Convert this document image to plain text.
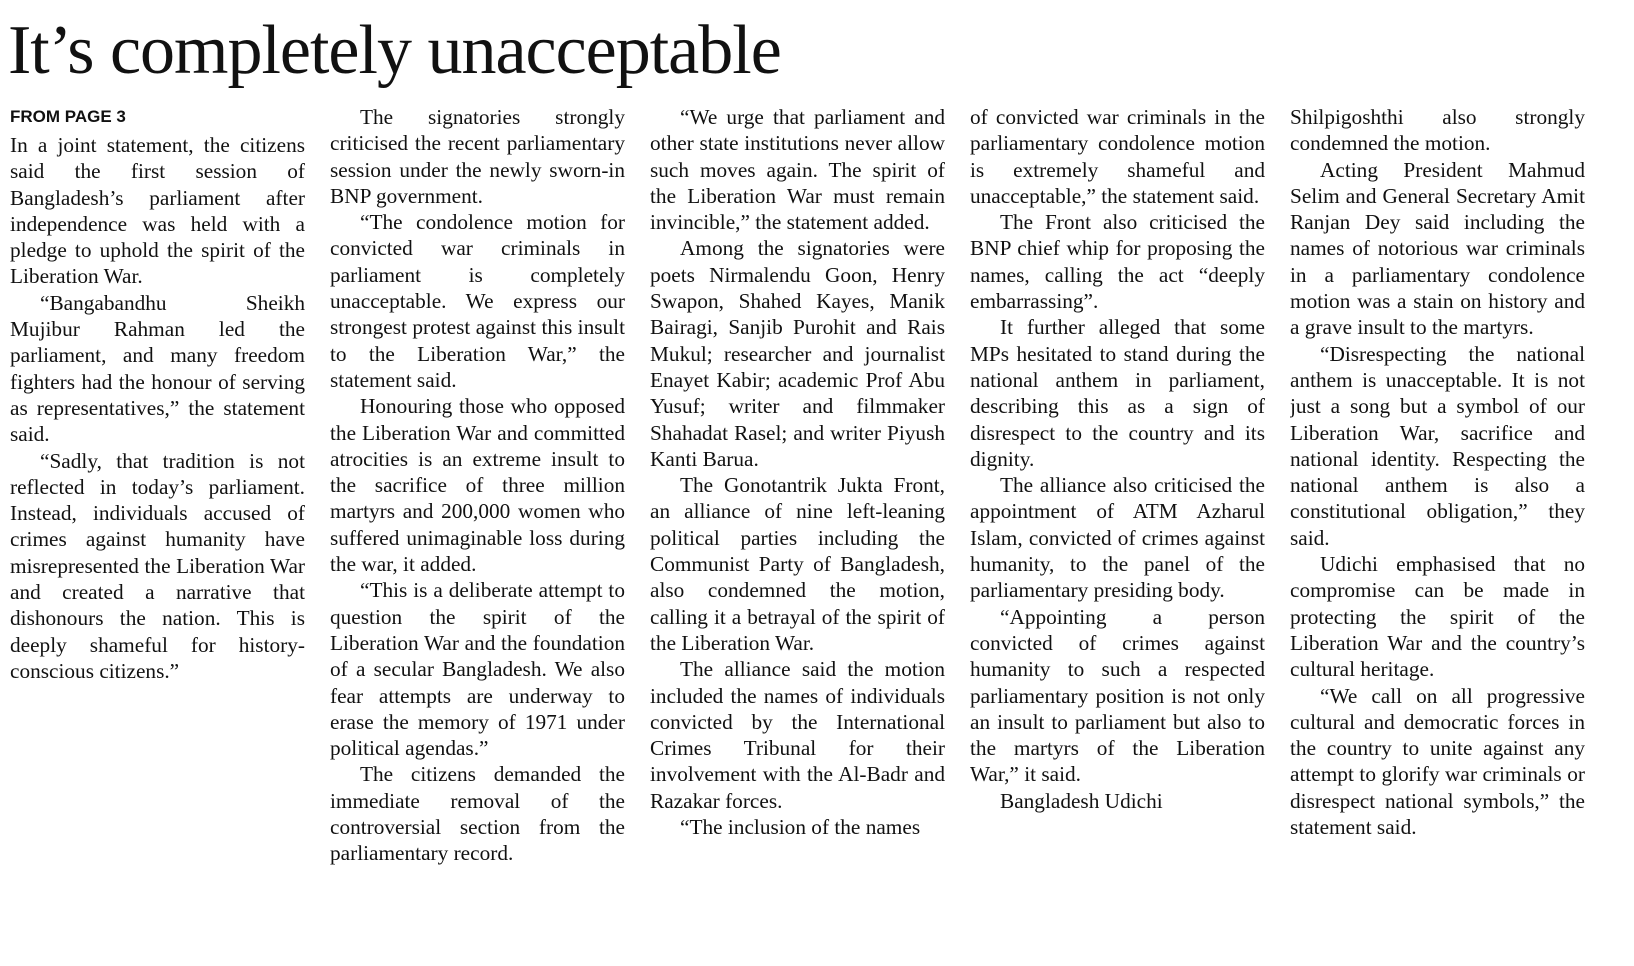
It’s completely unacceptable
FROM PAGE 3

In a joint statement, the citizens said the first session of Bangladesh’s parliament after independence was held with a pledge to uphold the spirit of the Liberation War.

“Bangabandhu Sheikh Mujibur Rahman led the parliament, and many freedom fighters had the honour of serving as representatives,” the statement said.

“Sadly, that tradition is not reflected in today’s parliament. Instead, individuals accused of crimes against humanity have misrepresented the Liberation War and created a narrative that dishonours the nation. This is deeply shameful for history-conscious citizens.”

The signatories strongly criticised the recent parliamentary session under the newly sworn-in BNP government.

“The condolence motion for convicted war criminals in parliament is completely unacceptable. We express our strongest protest against this insult to the Liberation War,” the statement said.

Honouring those who opposed the Liberation War and committed atrocities is an extreme insult to the sacrifice of three million martyrs and 200,000 women who suffered unimaginable loss during the war, it added.

“This is a deliberate attempt to question the spirit of the Liberation War and the foundation of a secular Bangladesh. We also fear attempts are underway to erase the memory of 1971 under political agendas.”

The citizens demanded the immediate removal of the controversial section from the parliamentary record.

“We urge that parliament and other state institutions never allow such moves again. The spirit of the Liberation War must remain invincible,” the statement added.

Among the signatories were poets Nirmalendu Goon, Henry Swapon, Shahed Kayes, Manik Bairagi, Sanjib Purohit and Rais Mukul; researcher and journalist Enayet Kabir; academic Prof Abu Yusuf; writer and filmmaker Shahadat Rasel; and writer Piyush Kanti Barua.

The Gonotantrik Jukta Front, an alliance of nine left-leaning political parties including the Communist Party of Bangladesh, also condemned the motion, calling it a betrayal of the spirit of the Liberation War.

The alliance said the motion included the names of individuals convicted by the International Crimes Tribunal for their involvement with the Al-Badr and Razakar forces.

“The inclusion of the names

of convicted war criminals in the parliamentary condolence motion is extremely shameful and unacceptable,” the statement said.

The Front also criticised the BNP chief whip for proposing the names, calling the act “deeply embarrassing”.

It further alleged that some MPs hesitated to stand during the national anthem in parliament, describing this as a sign of disrespect to the country and its dignity.

The alliance also criticised the appointment of ATM Azharul Islam, convicted of crimes against humanity, to the panel of the parliamentary presiding body.

“Appointing a person convicted of crimes against humanity to such a respected parliamentary position is not only an insult to parliament but also to the martyrs of the Liberation War,” it said.

Bangladesh Udichi

Shilpigoshthi also strongly condemned the motion.

Acting President Mahmud Selim and General Secretary Amit Ranjan Dey said including the names of notorious war criminals in a parliamentary condolence motion was a stain on history and a grave insult to the martyrs.

“Disrespecting the national anthem is unacceptable. It is not just a song but a symbol of our Liberation War, sacrifice and national identity. Respecting the national anthem is also a constitutional obligation,” they said.

Udichi emphasised that no compromise can be made in protecting the spirit of the Liberation War and the country’s cultural heritage.

“We call on all progressive cultural and democratic forces in the country to unite against any attempt to glorify war criminals or disrespect national symbols,” the statement said.
